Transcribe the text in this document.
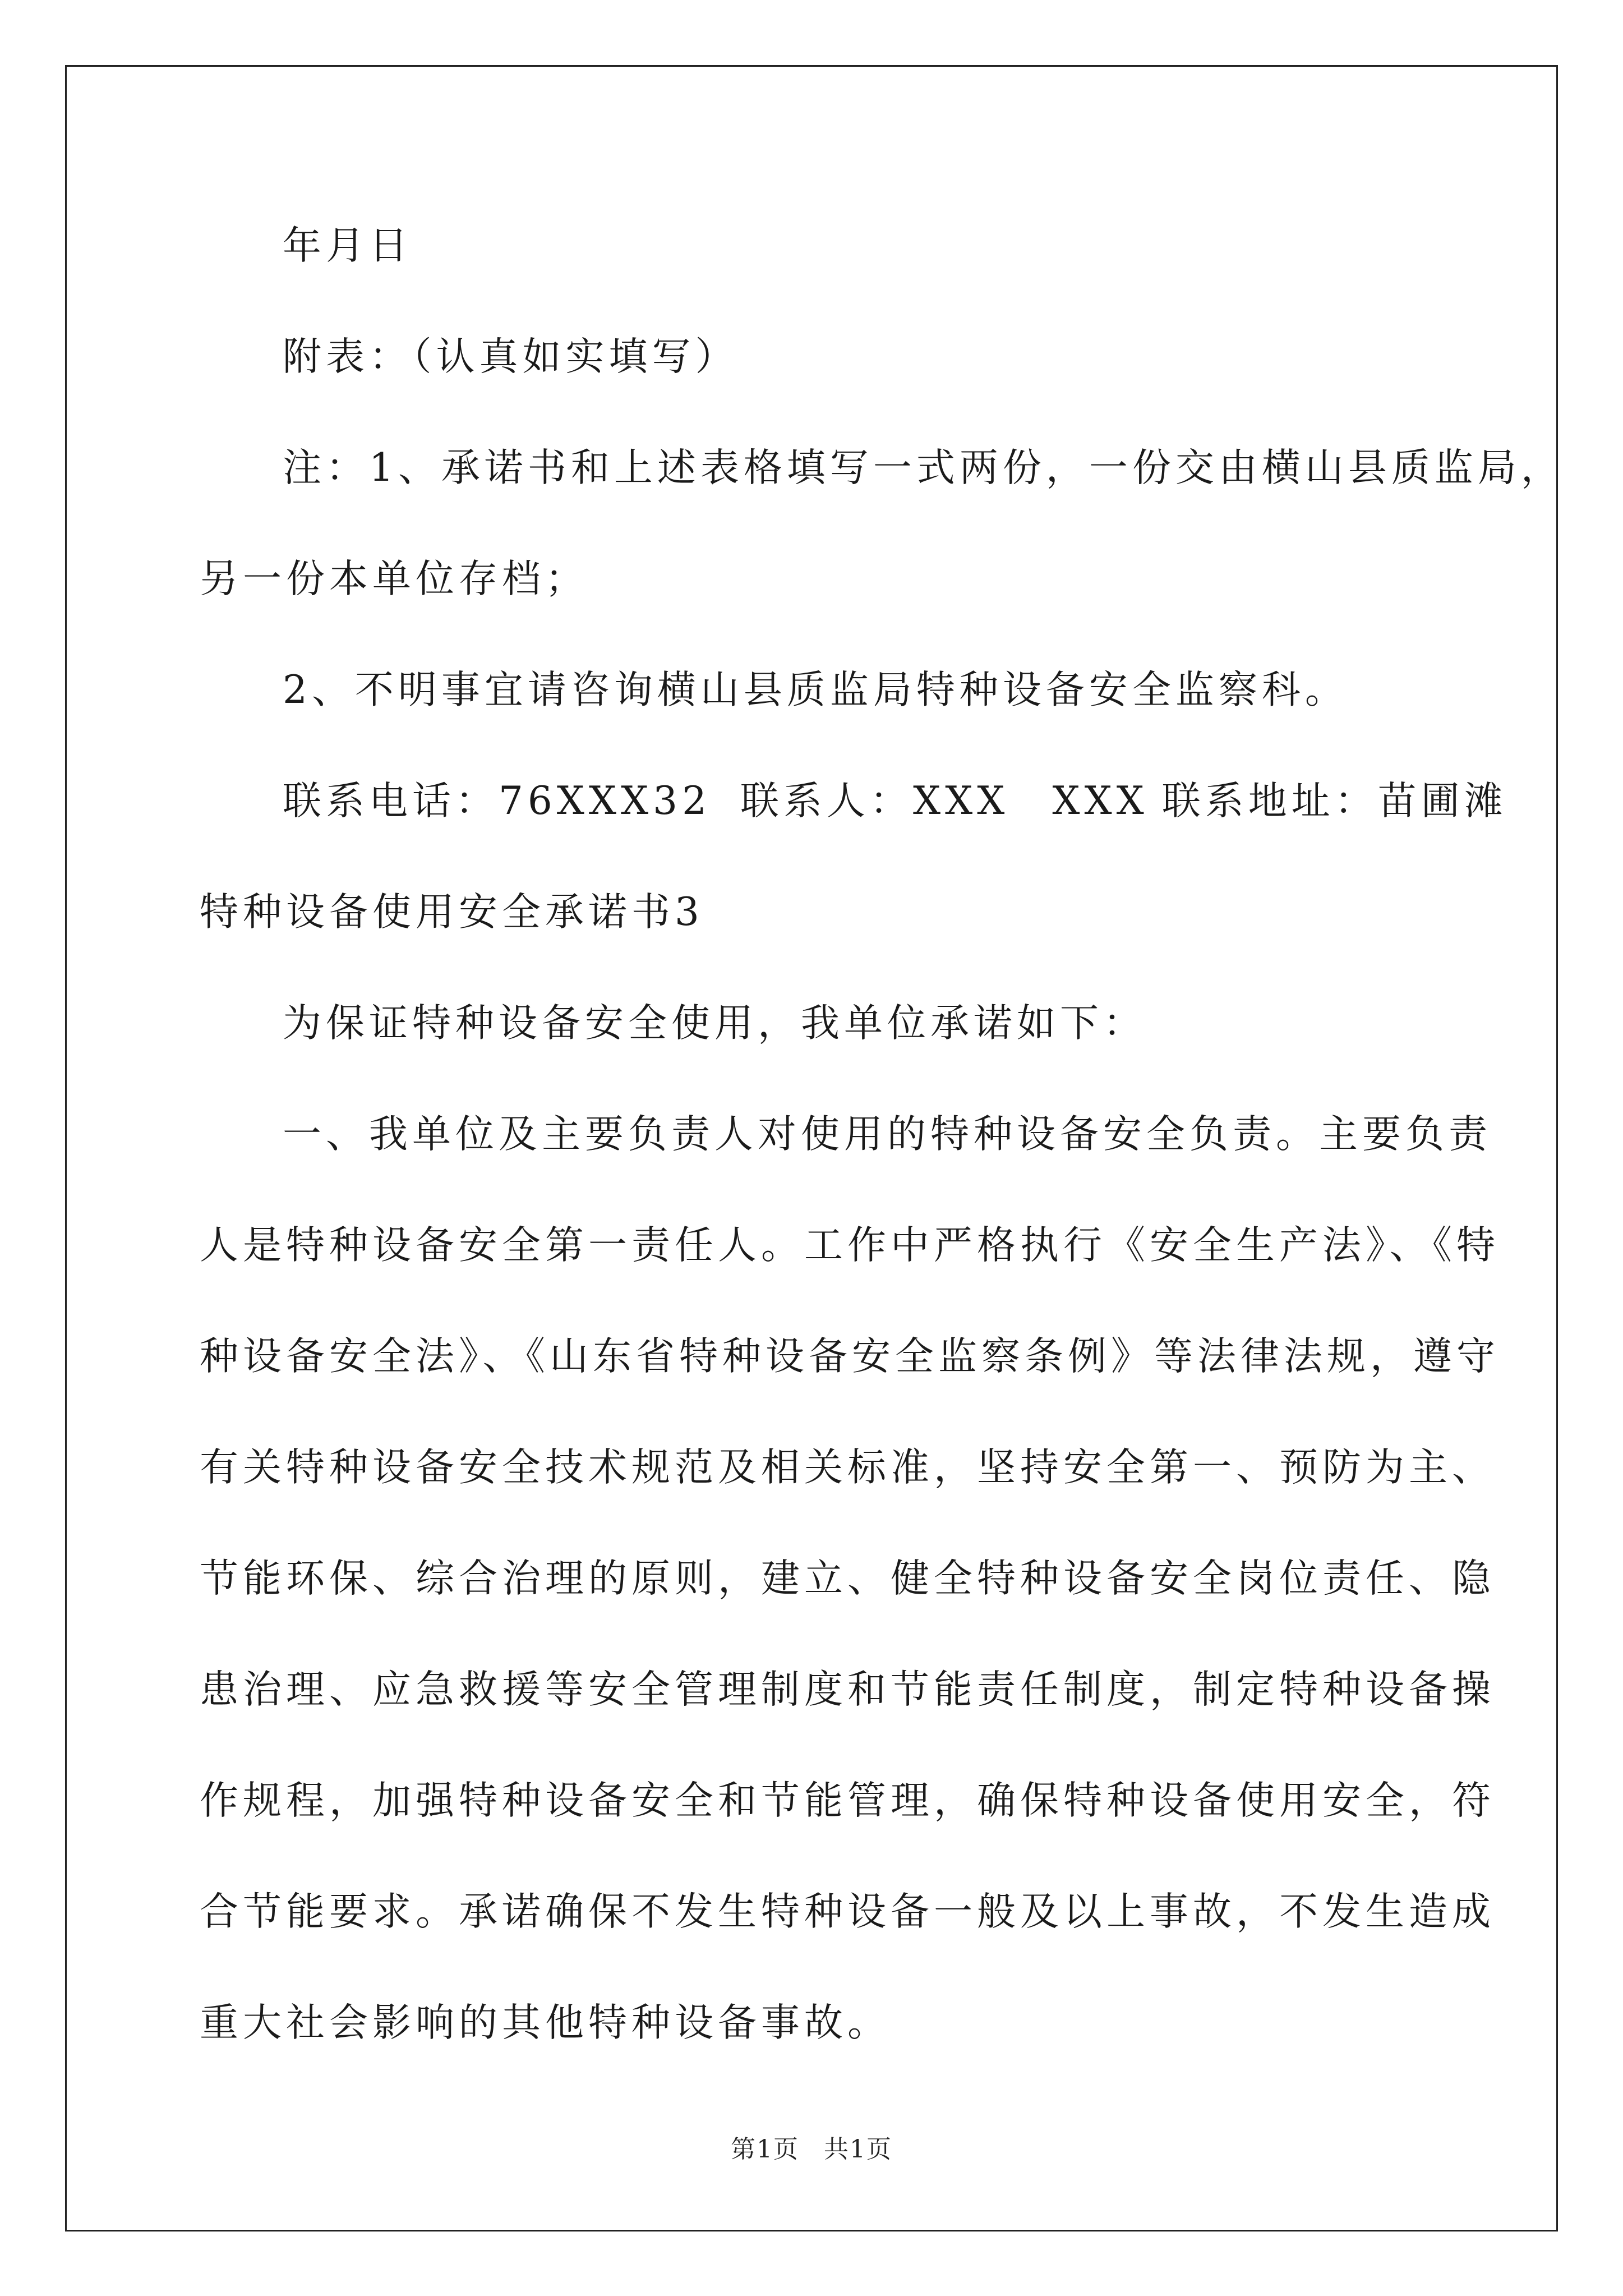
年月日
附表：（认真如实填写）
注：1、承诺书和上述表格填写一式两份，一份交由横山县质监局，
另一份本单位存档；
2、不明事宜请咨询横山县质监局特种设备安全监察科。
联系电话：76XXX32 联系人：XXX　XXX 联系地址：苗圃滩
特种设备使用安全承诺书3
为保证特种设备安全使用，我单位承诺如下：
一、我单位及主要负责人对使用的特种设备安全负责。主要负责
人是特种设备安全第一责任人。工作中严格执行《安全生产法》、《特
种设备安全法》、《山东省特种设备安全监察条例》等法律法规，遵守
有关特种设备安全技术规范及相关标准，坚持安全第一、预防为主、
节能环保、综合治理的原则，建立、健全特种设备安全岗位责任、隐
患治理、应急救援等安全管理制度和节能责任制度，制定特种设备操
作规程，加强特种设备安全和节能管理，确保特种设备使用安全，符
合节能要求。承诺确保不发生特种设备一般及以上事故，不发生造成
重大社会影响的其他特种设备事故。
第1页 共1页
